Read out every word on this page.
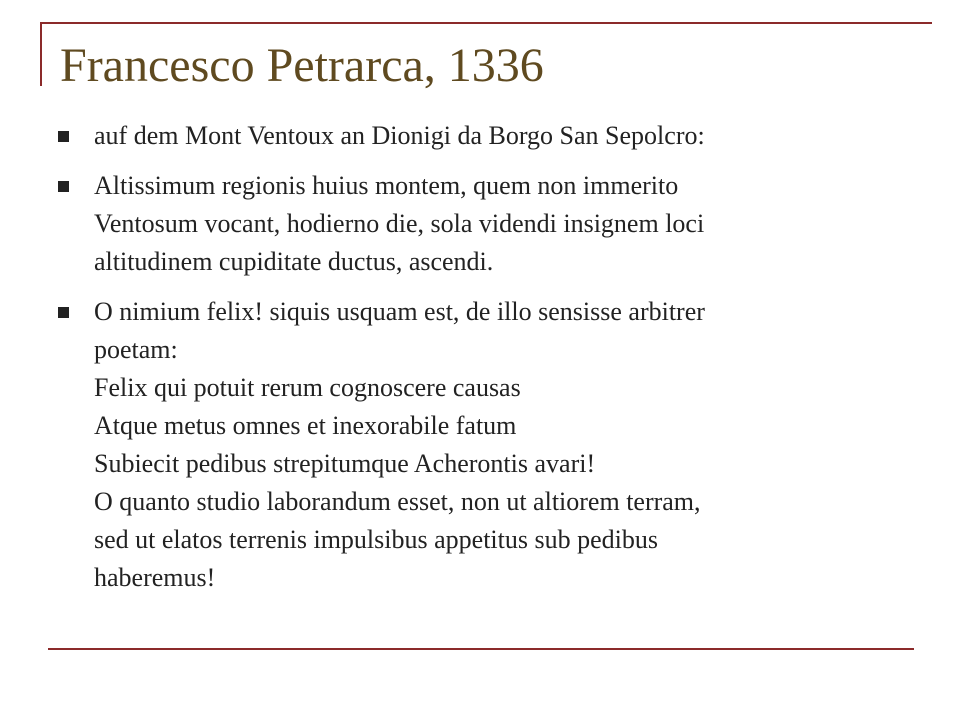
Francesco Petrarca, 1336
auf dem Mont Ventoux an Dionigi da Borgo San Sepolcro:
Altissimum regionis huius montem, quem non immerito
Ventosum vocant, hodierno die, sola videndi insignem loci
altitudinem cupiditate ductus, ascendi.
O nimium felix! siquis usquam est, de illo sensisse arbitrer
poetam:
Felix qui potuit rerum cognoscere causas
Atque metus omnes et inexorabile fatum
Subiecit pedibus strepitumque Acherontis avari!
O quanto studio laborandum esset, non ut altiorem terram,
sed ut elatos terrenis impulsibus appetitus sub pedibus
haberemus!
